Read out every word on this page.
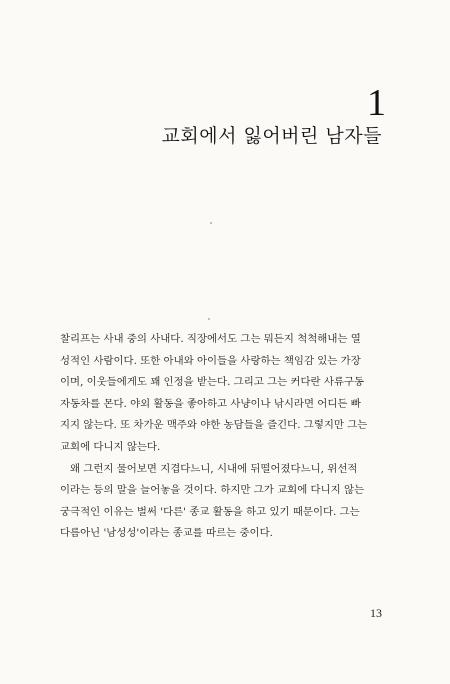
1
교회에서 잃어버린 남자들

찰리프는 사내 중의 사내다. 직장에서도 그는 뭐든지 척척해내는 열
성적인 사람이다. 또한 아내와 아이들을 사랑하는 책임감 있는 가장
이며, 이웃들에게도 꽤 인정을 받는다. 그리고 그는 커다란 사류구동
자동차를 몬다. 야외 활동을 좋아하고 사냥이나 낚시라면 어디든 빠
지지 않는다. 또 차가운 맥주와 야한 농담들을 즐긴다. 그렇지만 그는
교회에 다니지 않는다.

왜 그런지 물어보면 지겹다느니, 시내에 뒤떨어졌다느니, 위선적
이라는 등의 말을 늘어놓을 것이다. 하지만 그가 교회에 다니지 않는
궁극적인 이유는 벌써 '다른' 종교 활동을 하고 있기 때문이다. 그는
다름아닌 '남성성'이라는 종교를 따르는 중이다.

13
